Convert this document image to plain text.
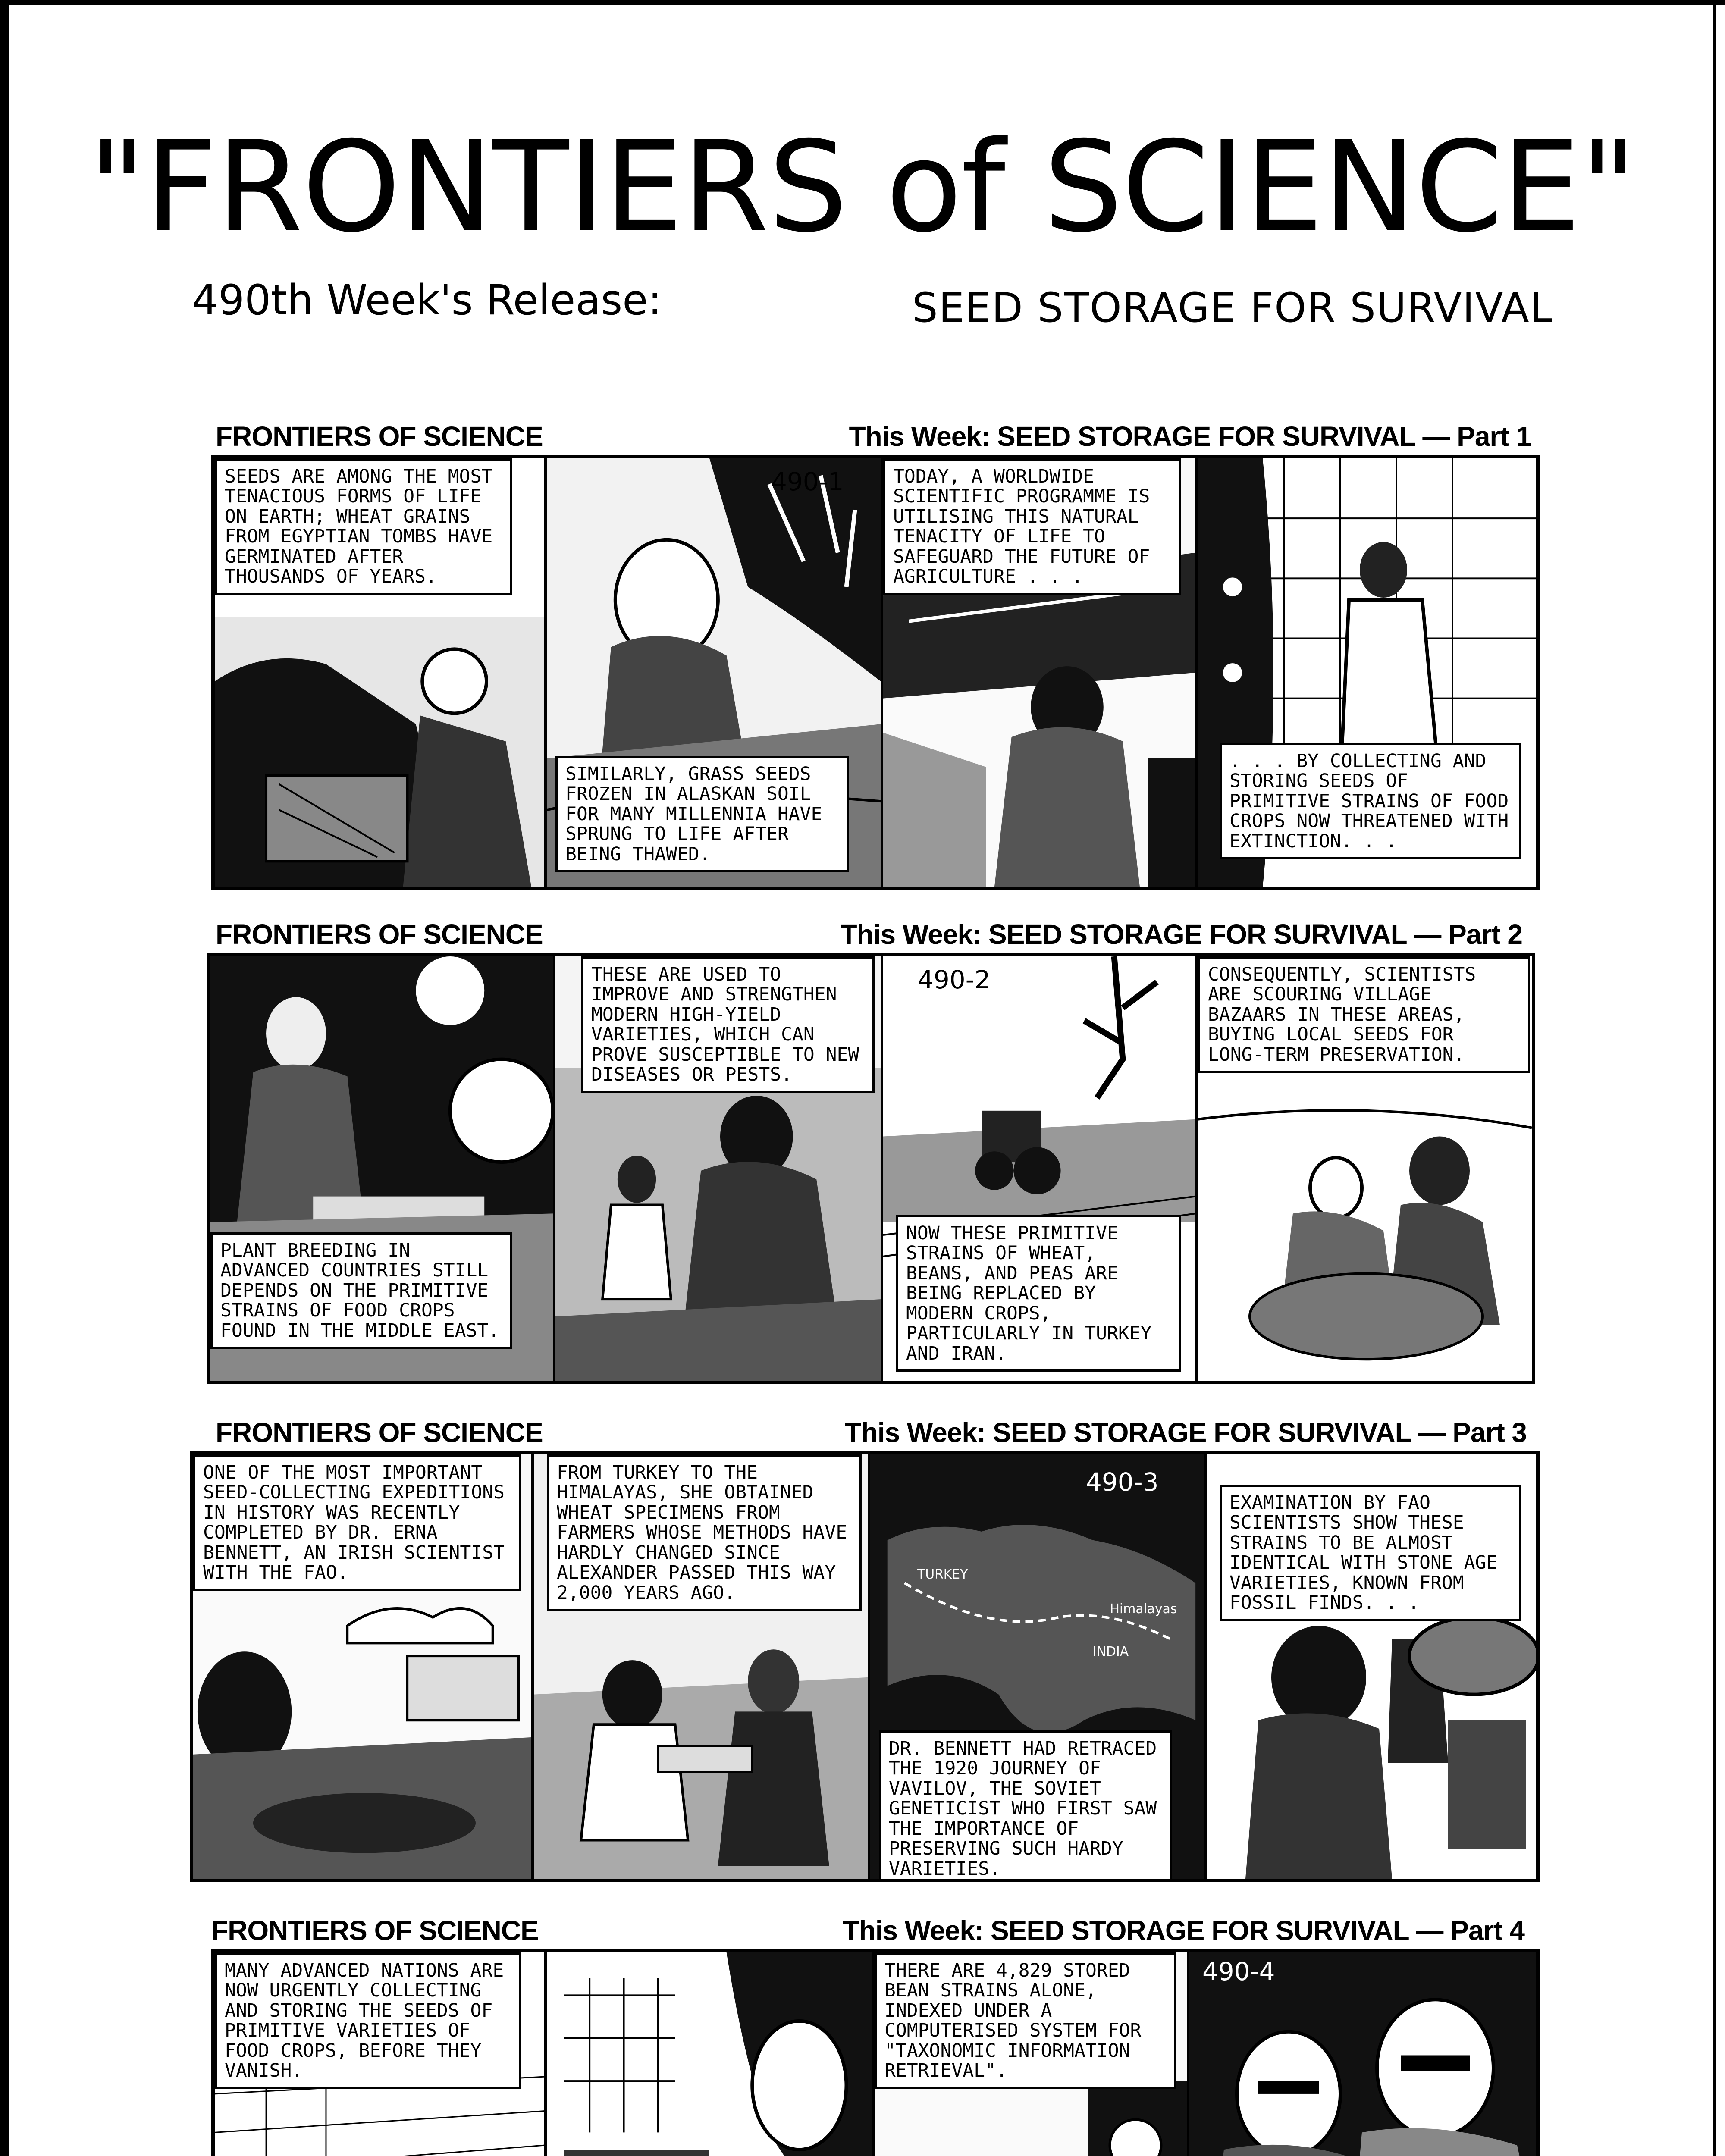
"FRONTIERS of SCIENCE"
490th Week's Release:	SEED STORAGE FOR SURVIVAL
FRONTIERS OF SCIENCE	This Week: SEED STORAGE FOR SURVIVAL — Part 1
SEEDS ARE AMONG THE MOST TENACIOUS FORMS OF LIFE ON EARTH; WHEAT GRAINS FROM EGYPTIAN TOMBS HAVE GERMINATED AFTER THOUSANDS OF YEARS.
490-1
SIMILARLY, GRASS SEEDS FROZEN IN ALASKAN SOIL FOR MANY MILLENNIA HAVE SPRUNG TO LIFE AFTER BEING THAWED.
TODAY, A WORLDWIDE SCIENTIFIC PROGRAMME IS UTILISING THIS NATURAL TENACITY OF LIFE TO SAFEGUARD THE FUTURE OF AGRICULTURE . . .
. . . BY COLLECTING AND STORING SEEDS OF PRIMITIVE STRAINS OF FOOD CROPS NOW THREATENED WITH EXTINCTION. . .
FRONTIERS OF SCIENCE	This Week: SEED STORAGE FOR SURVIVAL — Part 2
PLANT BREEDING IN ADVANCED COUNTRIES STILL DEPENDS ON THE PRIMITIVE STRAINS OF FOOD CROPS FOUND IN THE MIDDLE EAST.
THESE ARE USED TO IMPROVE AND STRENGTHEN MODERN HIGH-YIELD VARIETIES, WHICH CAN PROVE SUSCEPTIBLE TO NEW DISEASES OR PESTS.
490-2
NOW THESE PRIMITIVE STRAINS OF WHEAT, BEANS, AND PEAS ARE BEING REPLACED BY MODERN CROPS, PARTICULARLY IN TURKEY AND IRAN.
CONSEQUENTLY, SCIENTISTS ARE SCOURING VILLAGE BAZAARS IN THESE AREAS, BUYING LOCAL SEEDS FOR LONG-TERM PRESERVATION.
FRONTIERS OF SCIENCE	This Week: SEED STORAGE FOR SURVIVAL — Part 3
ONE OF THE MOST IMPORTANT SEED-COLLECTING EXPEDITIONS IN HISTORY WAS RECENTLY COMPLETED BY DR. ERNA BENNETT, AN IRISH SCIENTIST WITH THE FAO.
FROM TURKEY TO THE HIMALAYAS, SHE OBTAINED WHEAT SPECIMENS FROM FARMERS WHOSE METHODS HAVE HARDLY CHANGED SINCE ALEXANDER PASSED THIS WAY 2,000 YEARS AGO.
TURKEY
Himalayas
INDIA
490-3
DR. BENNETT HAD RETRACED THE 1920 JOURNEY OF VAVILOV, THE SOVIET GENETICIST WHO FIRST SAW THE IMPORTANCE OF PRESERVING SUCH HARDY VARIETIES.
EXAMINATION BY FAO SCIENTISTS SHOW THESE STRAINS TO BE ALMOST IDENTICAL WITH STONE AGE VARIETIES, KNOWN FROM FOSSIL FINDS. . .
FRONTIERS OF SCIENCE	This Week: SEED STORAGE FOR SURVIVAL — Part 4
MANY ADVANCED NATIONS ARE NOW URGENTLY COLLECTING AND STORING THE SEEDS OF PRIMITIVE VARIETIES OF FOOD CROPS, BEFORE THEY VANISH.
THERE ARE 4,829 STORED BEAN STRAINS ALONE, INDEXED UNDER A COMPUTERISED SYSTEM FOR "TAXONOMIC INFORMATION RETRIEVAL".
490-4
